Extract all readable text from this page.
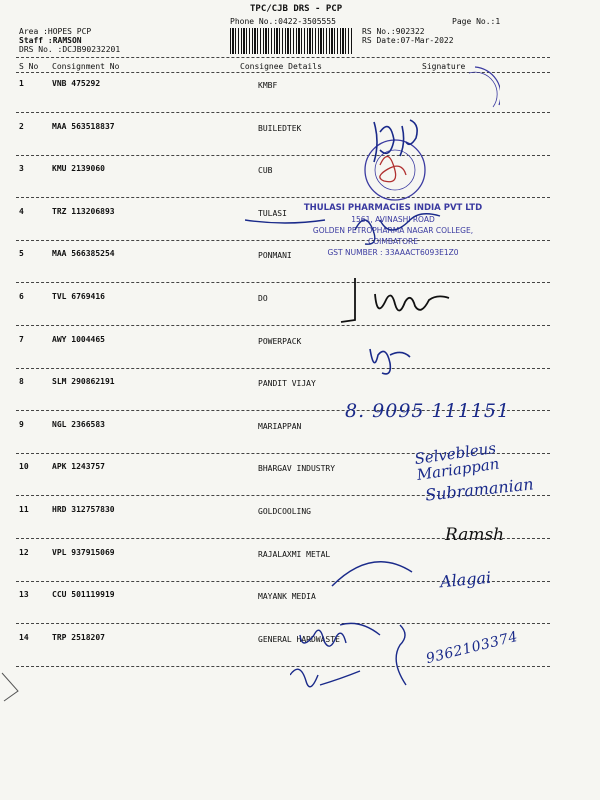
TPC/CJB DRS - PCP
Phone No.:0422-3505555	Page No.:1
Area :HOPES PCP
Staff :RAMSON
DRS No. :DCJB90232201
RS No.:902322
RS Date:07-Mar-2022
S No Consignment No	Consignee Details	Signature
1	VNB 475292	KMBF
2	MAA 563518837	BUILEDTEK
3	KMU 2139060	CUB
4	TRZ 113206893	TULASI
5	MAA 566385254	PONMANI
6	TVL 6769416	DO
7	AWY 1004465	POWERPACK
8	SLM 290862191	PANDIT VIJAY
9	NGL 2366583	MARIAPPAN
10	APK 1243757	BHARGAV INDUSTRY
11	HRD 312757830	GOLDCOOLING
12	VPL 937915069	RAJALAXMI METAL
13	CCU 501119919	MAYANK MEDIA
14	TRP 2518207	GENERAL HARDWASTE
THULASI PHARMACIES INDIA PVT LTD
1561, AVINASHI ROAD
GOLDEN PETROPHARMA NAGAR COLLEGE,
COIMBATORE
GST NUMBER : 33AAACT6093E1Z0
8. 9095 111151
Selvebleus Mariappan
Subramanian
Ramsh
Alagai
9362103374
